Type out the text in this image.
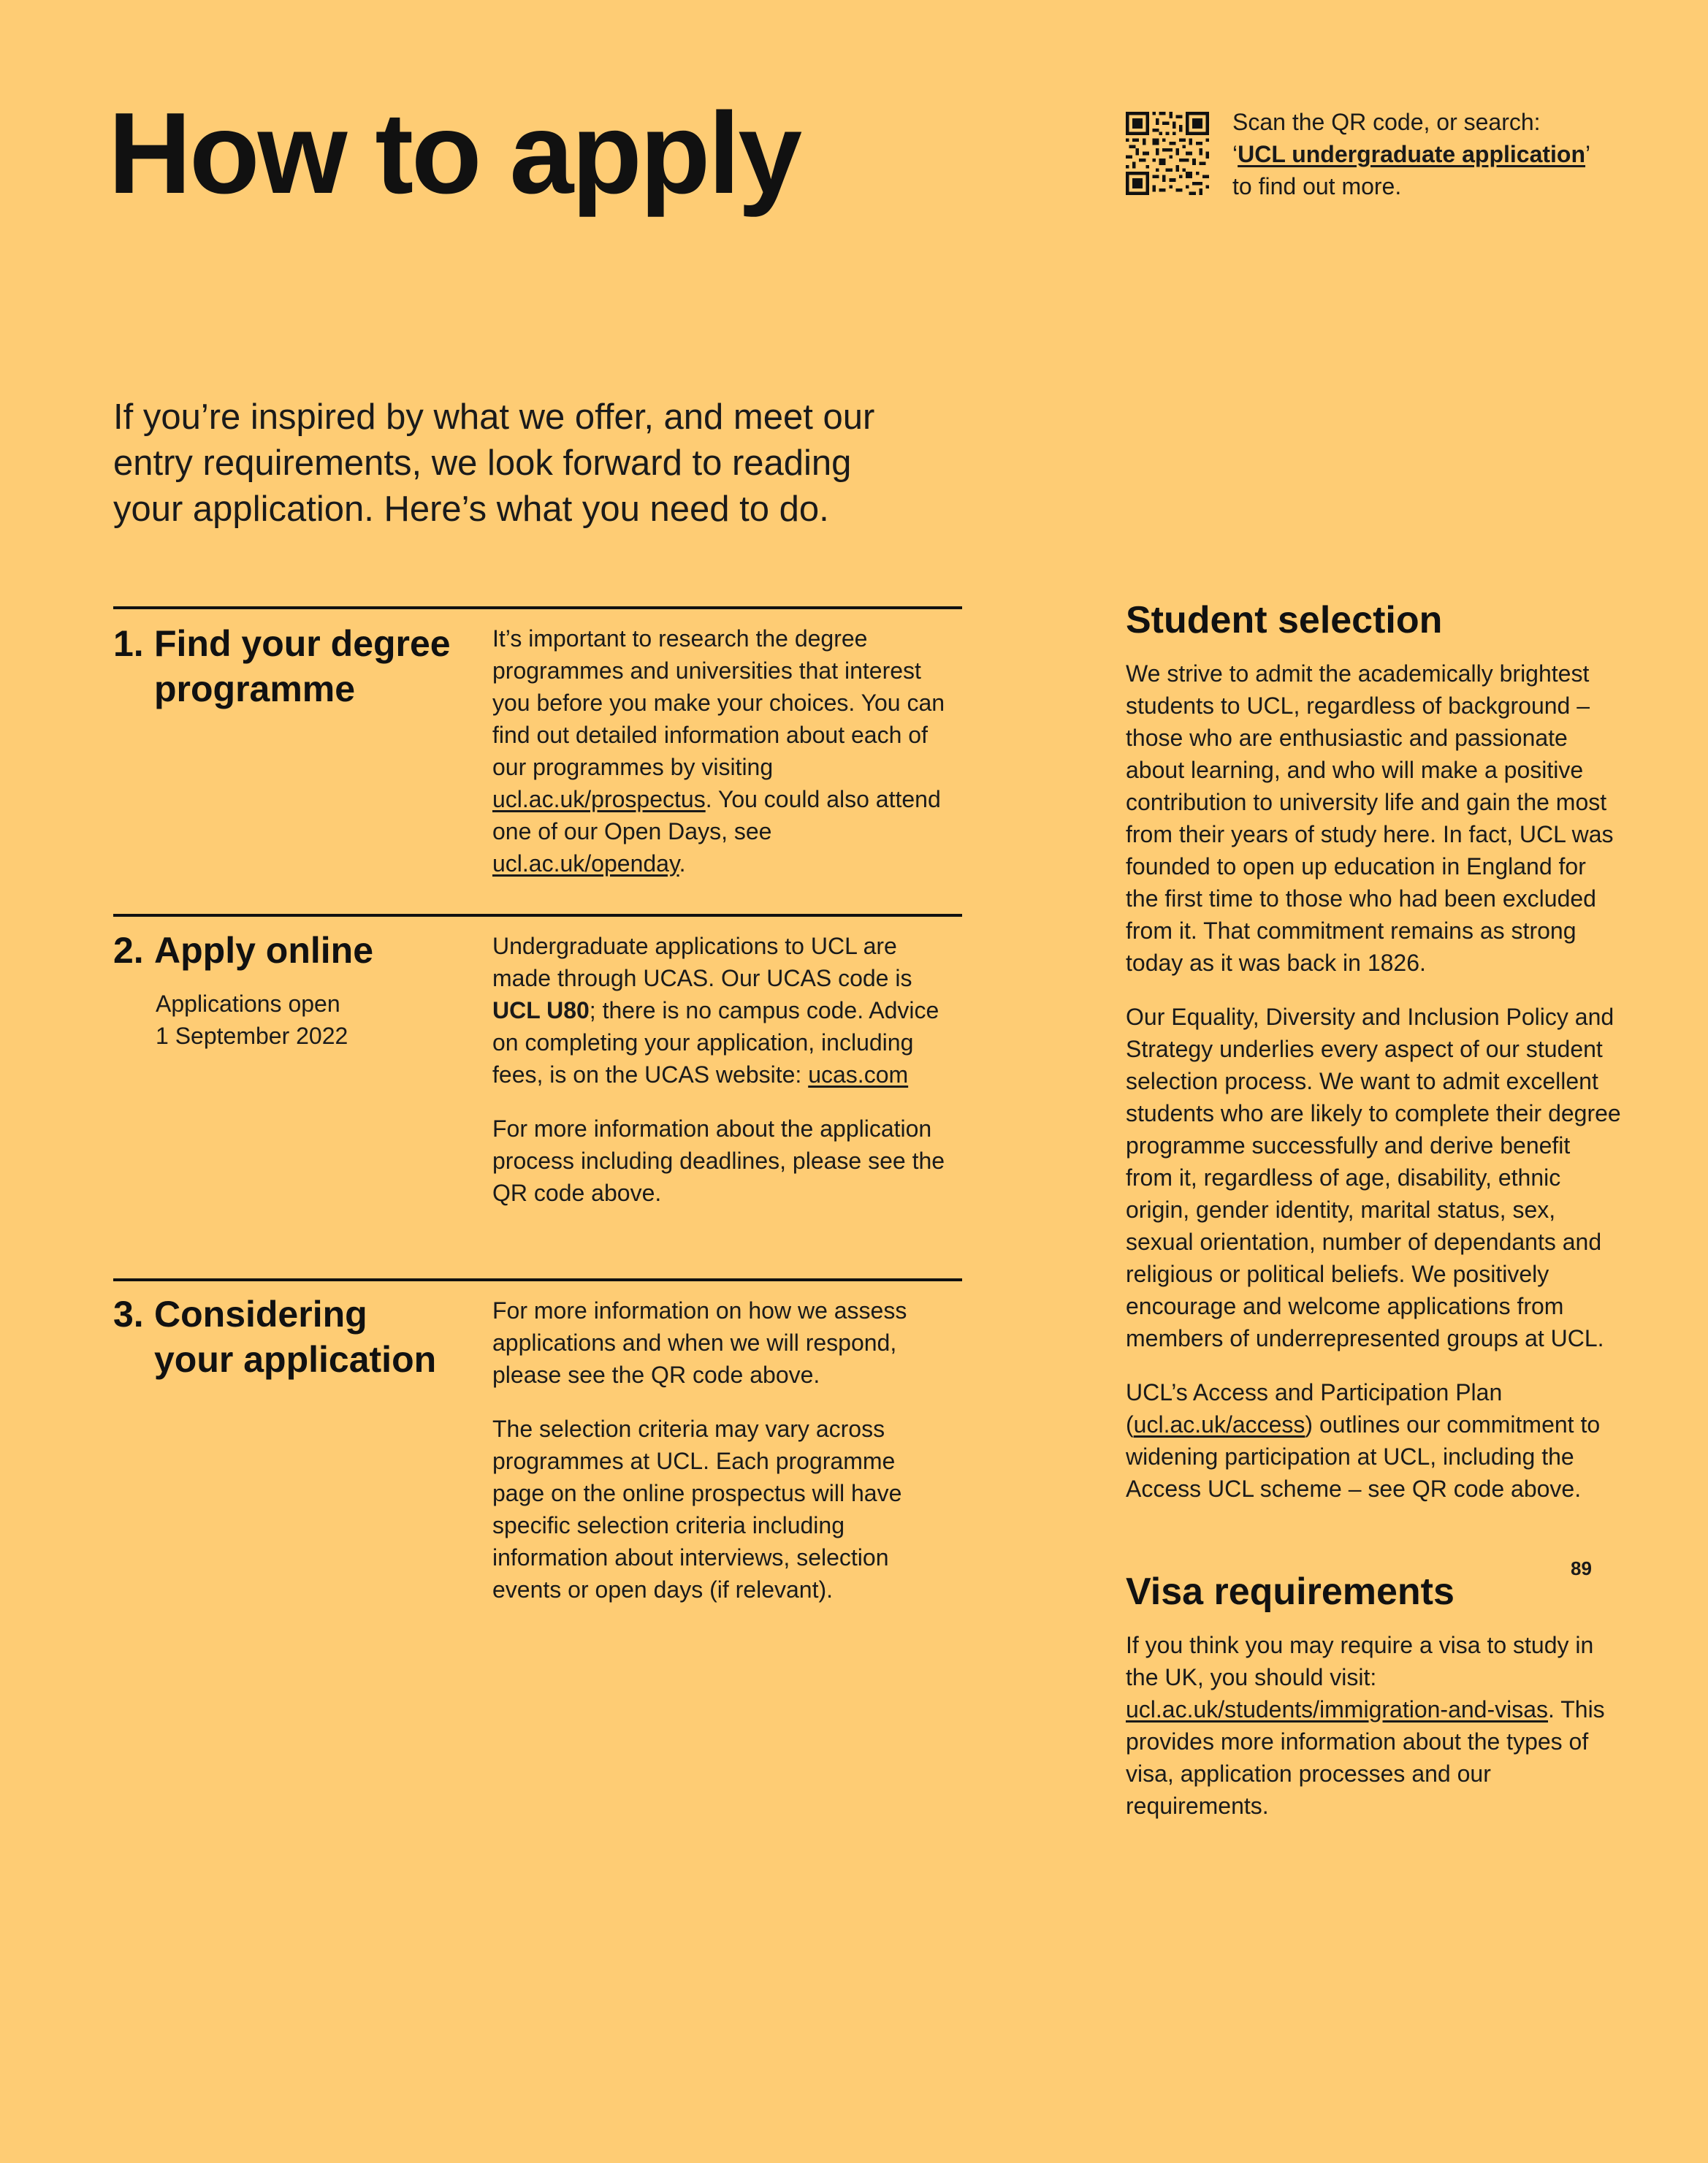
How to apply	Scan the QR code, or search:
‘UCL undergraduate application’
to find out more.
If you’re inspired by what we offer, and meet our
entry requirements, we look forward to reading
your application. Here’s what you need to do.
1. Find your degree
programme

It’s important to research the degree programmes and universities that interest you before you make your choices. You can find out detailed information about each of our programmes by visiting ucl.ac.uk/prospectus. You could also attend one of our Open Days, see ucl.ac.uk/openday.

2. Apply online
Applications open
1 September 2022

Undergraduate applications to UCL are made through UCAS. Our UCAS code is UCL U80; there is no campus code. Advice on completing your application, including fees, is on the UCAS website: ucas.com

For more information about the application process including deadlines, please see the QR code above.

3. Considering
your application

For more information on how we assess applications and when we will respond, please see the QR code above.

The selection criteria may vary across programmes at UCL. Each programme page on the online prospectus will have specific selection criteria including information about interviews, selection events or open days (if relevant).

Student selection

We strive to admit the academically brightest students to UCL, regardless of background – those who are enthusiastic and passionate about learning, and who will make a positive contribution to university life and gain the most from their years of study here. In fact, UCL was founded to open up education in England for the first time to those who had been excluded from it. That commitment remains as strong today as it was back in 1826.

Our Equality, Diversity and Inclusion Policy and Strategy underlies every aspect of our student selection process. We want to admit excellent students who are likely to complete their degree programme successfully and derive benefit from it, regardless of age, disability, ethnic origin, gender identity, marital status, sex, sexual orientation, number of dependants and religious or political beliefs. We positively encourage and welcome applications from members of underrepresented groups at UCL.

UCL’s Access and Participation Plan (ucl.ac.uk/access) outlines our commitment to widening participation at UCL, including the Access UCL scheme – see QR code above.

Visa requirements

If you think you may require a visa to study in the UK, you should visit: ucl.ac.uk/students/immigration-and-visas. This provides more information about the types of visa, application processes and our requirements.

89
